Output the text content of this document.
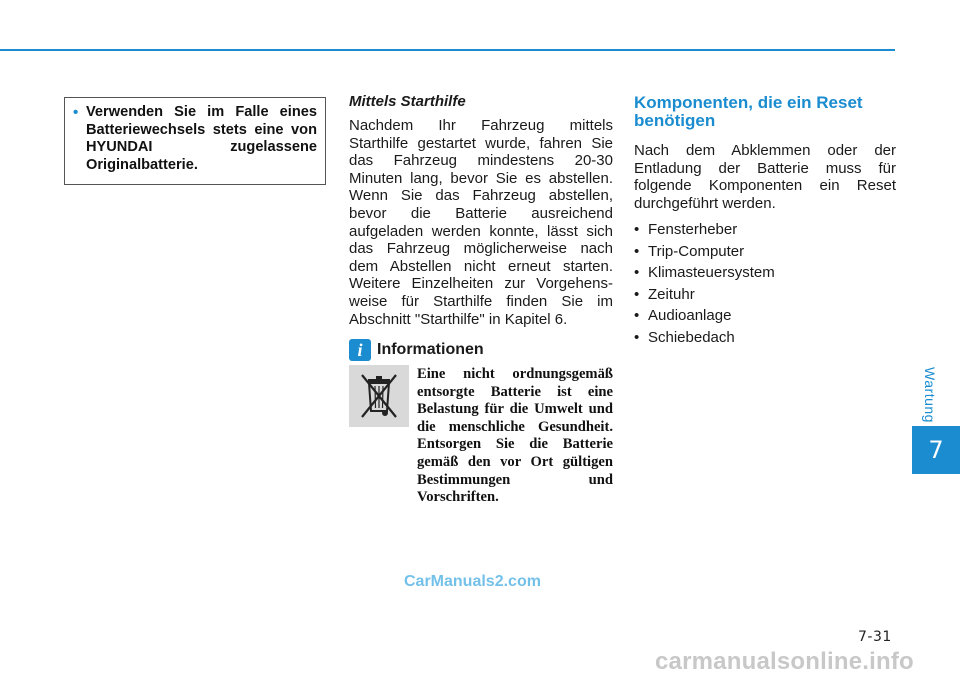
• Verwenden Sie im Falle eines Batteriewechsels stets eine von HYUNDAI zugelassene Originalbatterie.
Mittels Starthilfe

Nachdem Ihr Fahrzeug mittels Starthilfe gestartet wurde, fahren Sie das Fahrzeug mindestens 20-30 Minuten lang, bevor Sie es abstellen. Wenn Sie das Fahrzeug abstellen, bevor die Batterie ausreichend aufgeladen werden konnte, lässt sich das Fahrzeug möglicherweise nach dem Abstellen nicht erneut starten. Weitere Einzelheiten zur Vorgehens-weise für Starthilfe finden Sie im Abschnitt "Starthilfe" in Kapitel 6.

i Informationen

Eine nicht ordnungsgemäß entsorgte Batterie ist eine Belastung für die Umwelt und die menschliche Gesundheit. Entsorgen Sie die Batterie gemäß den vor Ort gültigen Bestimmungen und Vorschriften.

Komponenten, die ein Reset benötigen

Nach dem Abklemmen oder der Entladung der Batterie muss für folgende Komponenten ein Reset durchgeführt werden.

• Fensterheber
• Trip-Computer
• Klimasteuersystem
• Zeituhr
• Audioanlage
• Schiebedach
Wartung
7
7-31
CarManuals2.com
carmanualsonline.info
